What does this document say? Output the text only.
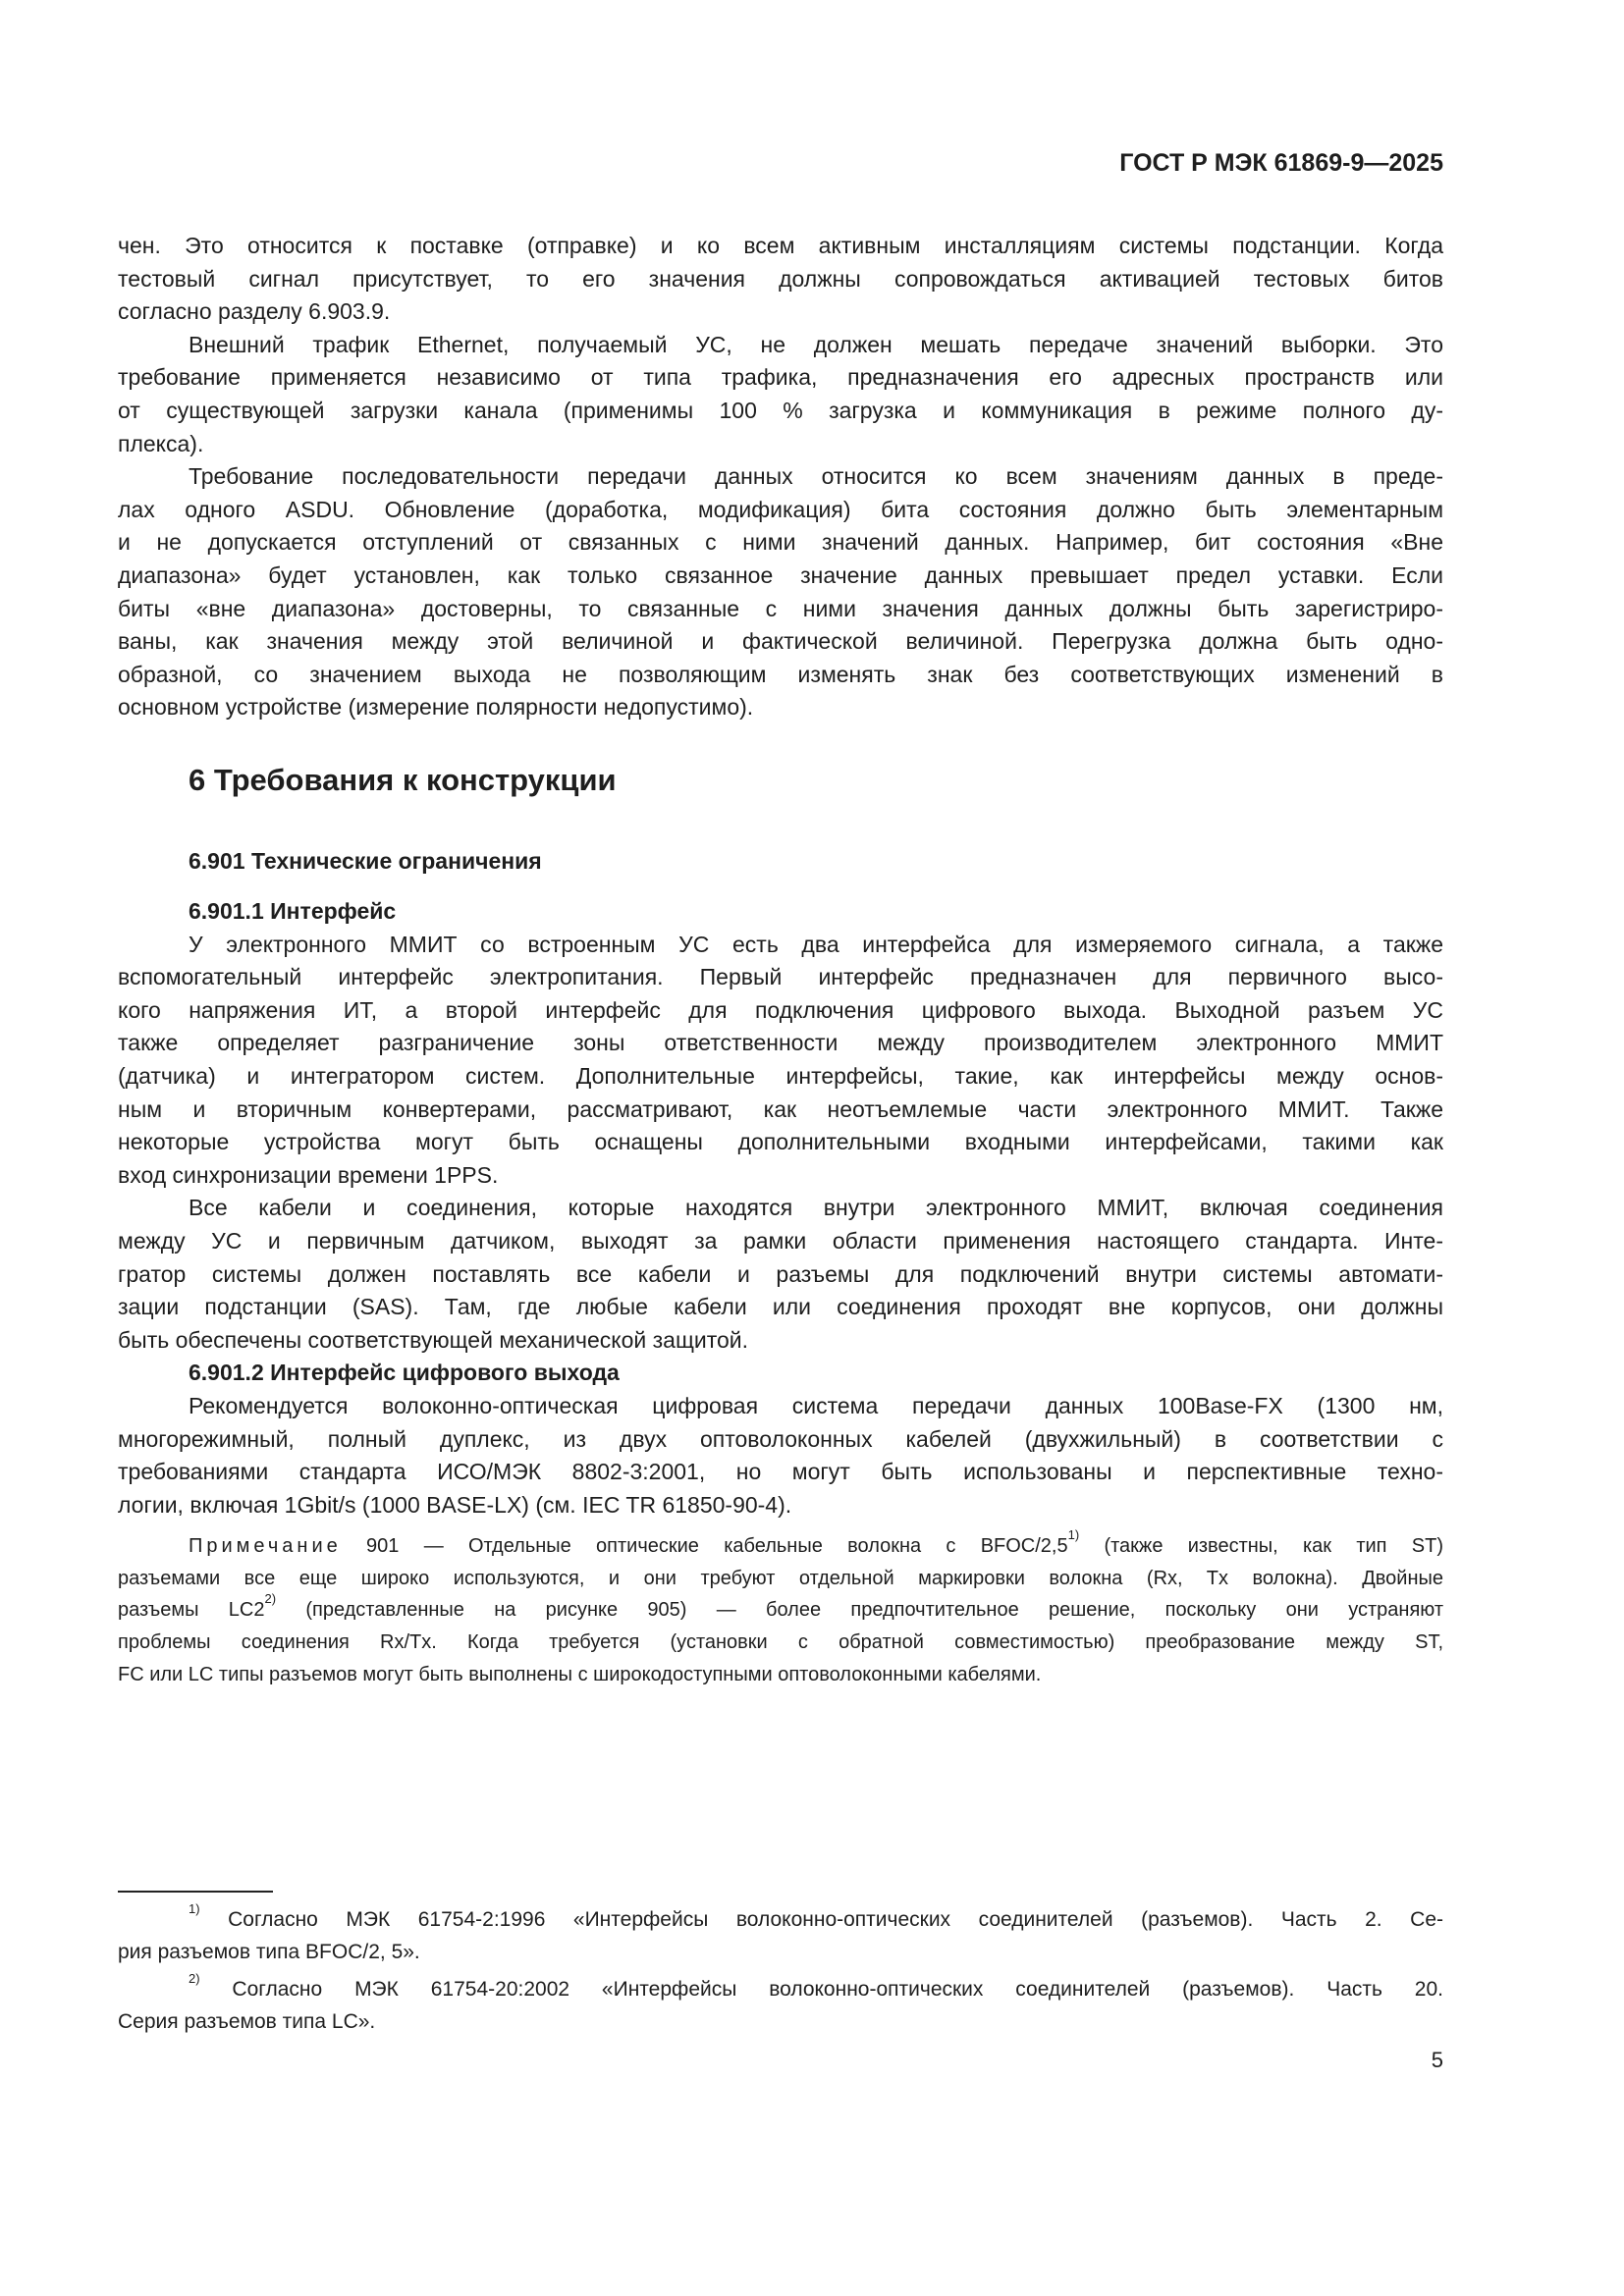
ГОСТ Р МЭК 61869-9—2025
чен. Это относится к поставке (отправке) и ко всем активным инсталляциям системы подстанции. Когда
тестовый сигнал присутствует, то его значения должны сопровождаться активацией тестовых битов
согласно разделу 6.903.9.
Внешний трафик Ethernet, получаемый УС, не должен мешать передаче значений выборки. Это
требование применяется независимо от типа трафика, предназначения его адресных пространств или
от существующей загрузки канала (применимы 100 % загрузка и коммуникация в режиме полного ду-
плекса).
Требование последовательности передачи данных относится ко всем значениям данных в преде-
лах одного ASDU. Обновление (доработка, модификация) бита состояния должно быть элементарным
и не допускается отступлений от связанных с ними значений данных. Например, бит состояния «Вне
диапазона» будет установлен, как только связанное значение данных превышает предел уставки. Если
биты «вне диапазона» достоверны, то связанные с ними значения данных должны быть зарегистриро-
ваны, как значения между этой величиной и фактической величиной. Перегрузка должна быть одно-
образной, со значением выхода не позволяющим изменять знак без соответствующих изменений в
основном устройстве (измерение полярности недопустимо).
6 Требования к конструкции
6.901 Технические ограничения
6.901.1 Интерфейс
У электронного ММИТ со встроенным УС есть два интерфейса для измеряемого сигнала, а также
вспомогательный интерфейс электропитания. Первый интерфейс предназначен для первичного высо-
кого напряжения ИТ, а второй интерфейс для подключения цифрового выхода. Выходной разъем УС
также определяет разграничение зоны ответственности между производителем электронного ММИТ
(датчика) и интегратором систем. Дополнительные интерфейсы, такие, как интерфейсы между основ-
ным и вторичным конвертерами, рассматривают, как неотъемлемые части электронного ММИТ. Также
некоторые устройства могут быть оснащены дополнительными входными интерфейсами, такими как
вход синхронизации времени 1PPS.
Все кабели и соединения, которые находятся внутри электронного ММИТ, включая соединения
между УС и первичным датчиком, выходят за рамки области применения настоящего стандарта. Инте-
гратор системы должен поставлять все кабели и разъемы для подключений внутри системы автомати-
зации подстанции (SAS). Там, где любые кабели или соединения проходят вне корпусов, они должны
быть обеспечены соответствующей механической защитой.
6.901.2 Интерфейс цифрового выхода
Рекомендуется волоконно-оптическая цифровая система передачи данных 100Base-FX (1300 нм,
многорежимный, полный дуплекс, из двух оптоволоконных кабелей (двухжильный) в соответствии с
требованиями стандарта ИСО/МЭК 8802-3:2001, но могут быть использованы и перспективные техно-
логии, включая 1Gbit/s (1000 BASE-LX) (см. IEC TR 61850-90-4).
Примечание 901 — Отдельные оптические кабельные волокна с BFOC/2,5$^{1)}$ (также известны, как тип ST)
разъемами все еще широко используются, и они требуют отдельной маркировки волокна (Rx, Tx волокна). Двойные
разъемы LC2$^{2)}$ (представленные на рисунке 905) — более предпочтительное решение, поскольку они устраняют
проблемы соединения Rx/Tx. Когда требуется (установки с обратной совместимостью) преобразование между ST,
FC или LC типы разъемов могут быть выполнены с широкодоступными оптоволоконными кабелями.
$^{1)}$ Согласно МЭК 61754-2:1996 «Интерфейсы волоконно-оптических соединителей (разъемов). Часть 2. Се-
рия разъемов типа BFOC/2, 5».
$^{2)}$ Согласно МЭК 61754-20:2002 «Интерфейсы волоконно-оптических соединителей (разъемов). Часть 20.
Серия разъемов типа LC».
5
